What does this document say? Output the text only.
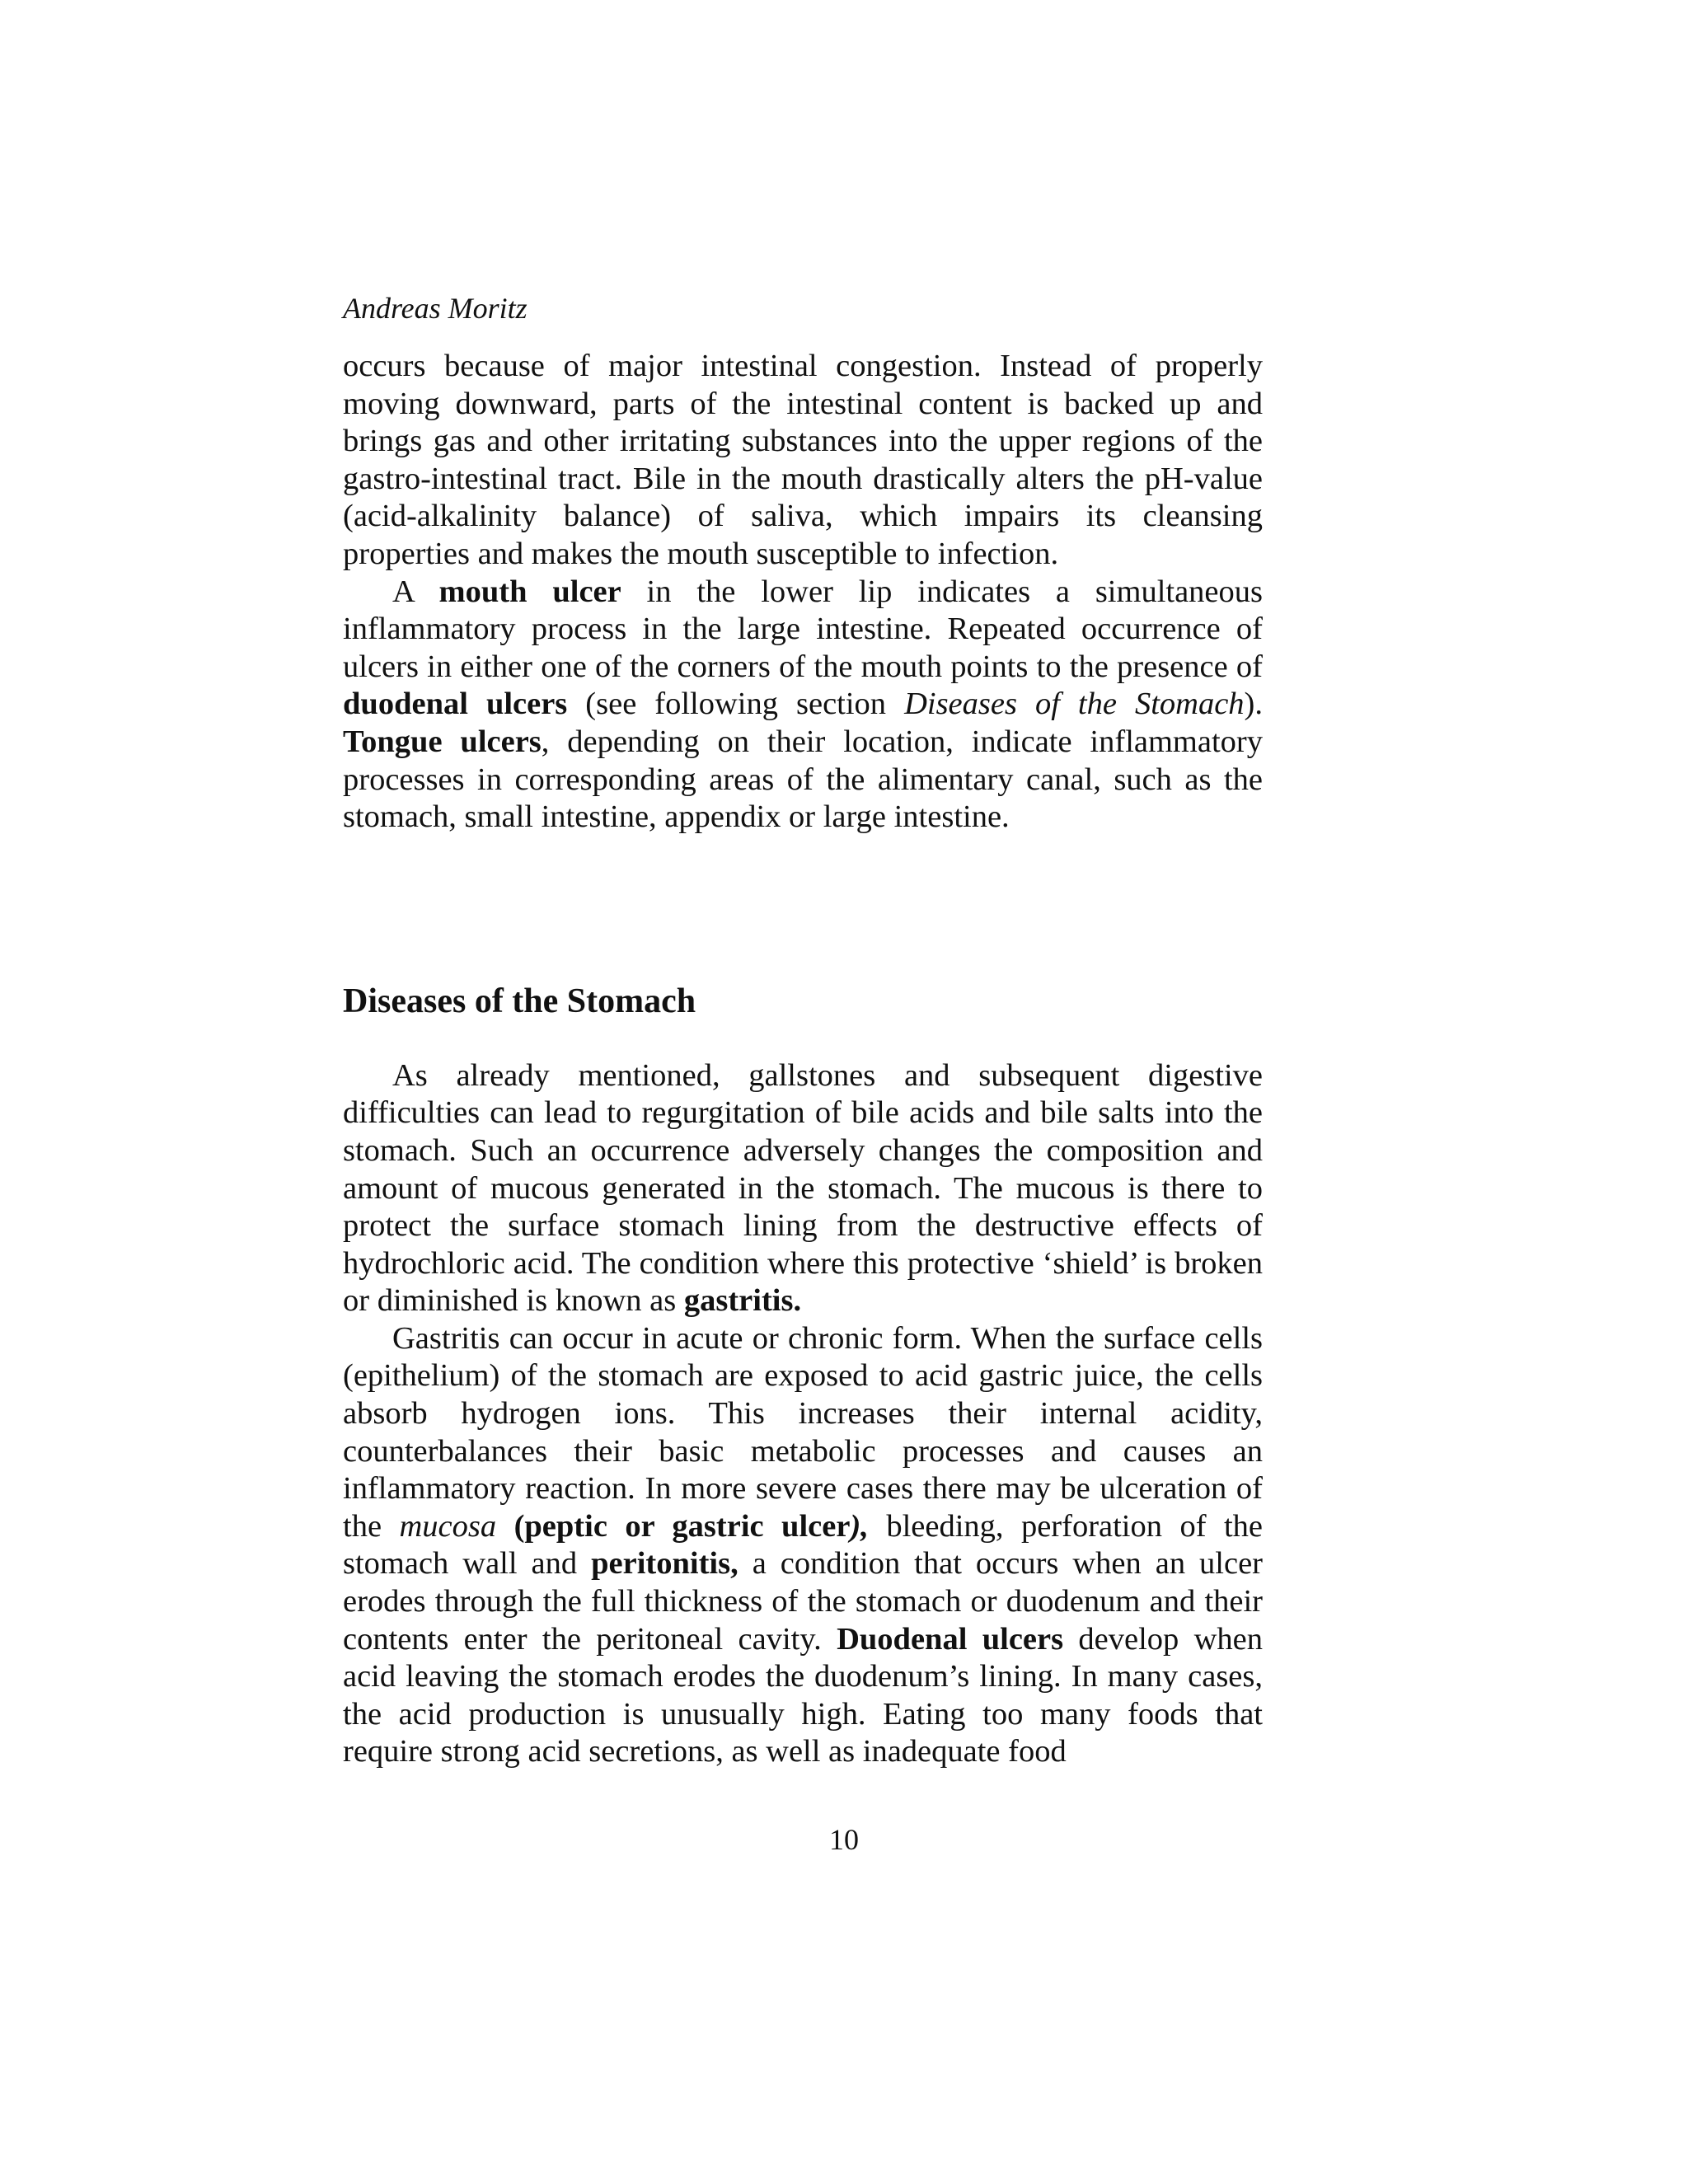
Andreas Moritz

occurs because of major intestinal congestion. Instead of properly moving downward, parts of the intestinal content is backed up and brings gas and other irritating substances into the upper regions of the gastro-intestinal tract. Bile in the mouth drastically alters the pH-value (acid-alkalinity balance) of saliva, which impairs its cleansing properties and makes the mouth susceptible to infection.

A mouth ulcer in the lower lip indicates a simultaneous inflammatory process in the large intestine. Repeated occurrence of ulcers in either one of the corners of the mouth points to the presence of duodenal ulcers (see following section Diseases of the Stomach). Tongue ulcers, depending on their location, indicate inflammatory processes in corresponding areas of the alimentary canal, such as the stomach, small intestine, appendix or large intestine.

Diseases of the Stomach

As already mentioned, gallstones and subsequent digestive difficulties can lead to regurgitation of bile acids and bile salts into the stomach. Such an occurrence adversely changes the composition and amount of mucous generated in the stomach. The mucous is there to protect the surface stomach lining from the destructive effects of hydrochloric acid. The condition where this protective ‘shield’ is broken or diminished is known as gastritis.

Gastritis can occur in acute or chronic form. When the surface cells (epithelium) of the stomach are exposed to acid gastric juice, the cells absorb hydrogen ions. This increases their internal acidity, counterbalances their basic metabolic processes and causes an inflammatory reaction. In more severe cases there may be ulceration of the mucosa (peptic or gastric ulcer), bleeding, perforation of the stomach wall and peritonitis, a condition that occurs when an ulcer erodes through the full thickness of the stomach or duodenum and their contents enter the peritoneal cavity. Duodenal ulcers develop when acid leaving the stomach erodes the duodenum’s lining. In many cases, the acid production is unusually high. Eating too many foods that require strong acid secretions, as well as inadequate food

10
